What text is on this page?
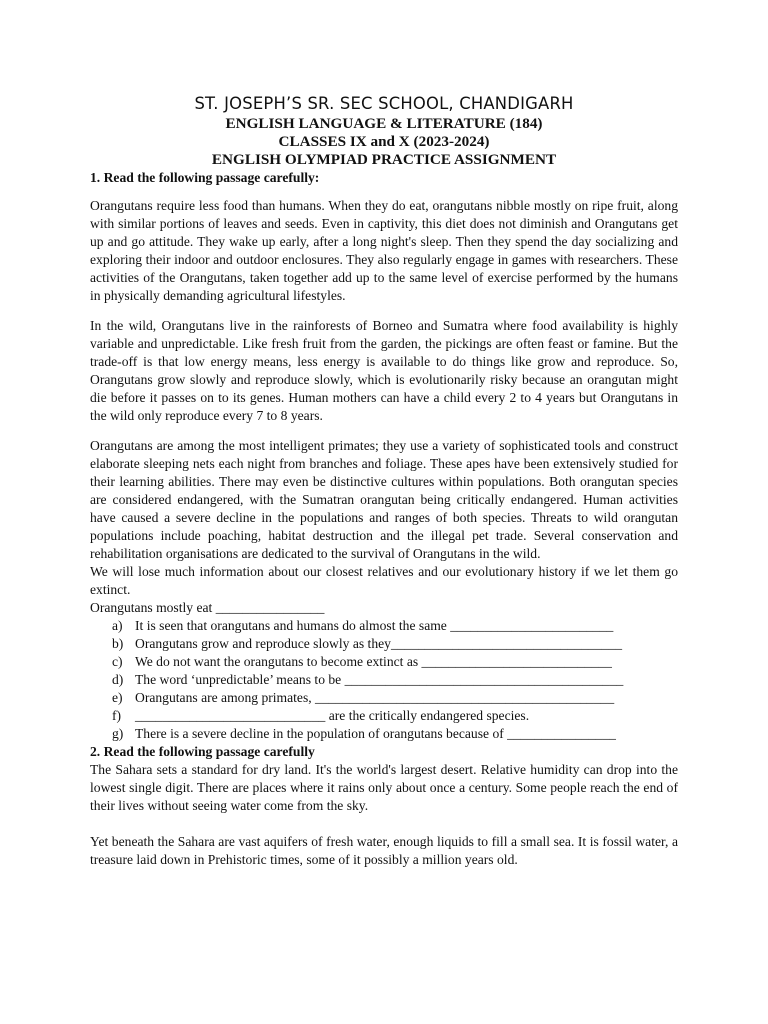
ST. JOSEPH’S SR. SEC SCHOOL, CHANDIGARH
ENGLISH LANGUAGE & LITERATURE (184)
CLASSES IX and X (2023-2024)
ENGLISH OLYMPIAD PRACTICE ASSIGNMENT
1. Read the following passage carefully:

Orangutans require less food than humans. When they do eat, orangutans nibble mostly on ripe fruit, along with similar portions of leaves and seeds. Even in captivity, this diet does not diminish and Orangutans get up and go attitude. They wake up early, after a long night's sleep. Then they spend the day socializing and exploring their indoor and outdoor enclosures. They also regularly engage in games with researchers. These activities of the Orangutans, taken together add up to the same level of exercise performed by the humans in physically demanding agricultural lifestyles.

In the wild, Orangutans live in the rainforests of Borneo and Sumatra where food availability is highly variable and unpredictable. Like fresh fruit from the garden, the pickings are often feast or famine. But the trade-off is that low energy means, less energy is available to do things like grow and reproduce. So, Orangutans grow slowly and reproduce slowly, which is evolutionarily risky because an orangutan might die before it passes on to its genes. Human mothers can have a child every 2 to 4 years but Orangutans in the wild only reproduce every 7 to 8 years.

Orangutans are among the most intelligent primates; they use a variety of sophisticated tools and construct elaborate sleeping nets each night from branches and foliage. These apes have been extensively studied for their learning abilities. There may even be distinctive cultures within populations. Both orangutan species are considered endangered, with the Sumatran orangutan being critically endangered. Human activities have caused a severe decline in the populations and ranges of both species. Threats to wild orangutan populations include poaching, habitat destruction and the illegal pet trade. Several conservation and rehabilitation organisations are dedicated to the survival of Orangutans in the wild.

We will lose much information about our closest relatives and our evolutionary history if we let them go extinct.

Orangutans mostly eat ________________

a) It is seen that orangutans and humans do almost the same ________________________
b) Orangutans grow and reproduce slowly as they__________________________________
c) We do not want the orangutans to become extinct as ____________________________
d) The word ‘unpredictable’ means to be _________________________________________
e) Orangutans are among primates, ____________________________________________
f) ____________________________ are the critically endangered species.
g) There is a severe decline in the population of orangutans because of ________________
2. Read the following passage carefully

The Sahara sets a standard for dry land. It's the world's largest desert. Relative humidity can drop into the lowest single digit. There are places where it rains only about once a century. Some people reach the end of their lives without seeing water come from the sky.

Yet beneath the Sahara are vast aquifers of fresh water, enough liquids to fill a small sea. It is fossil water, a treasure laid down in Prehistoric times, some of it possibly a million years old.
